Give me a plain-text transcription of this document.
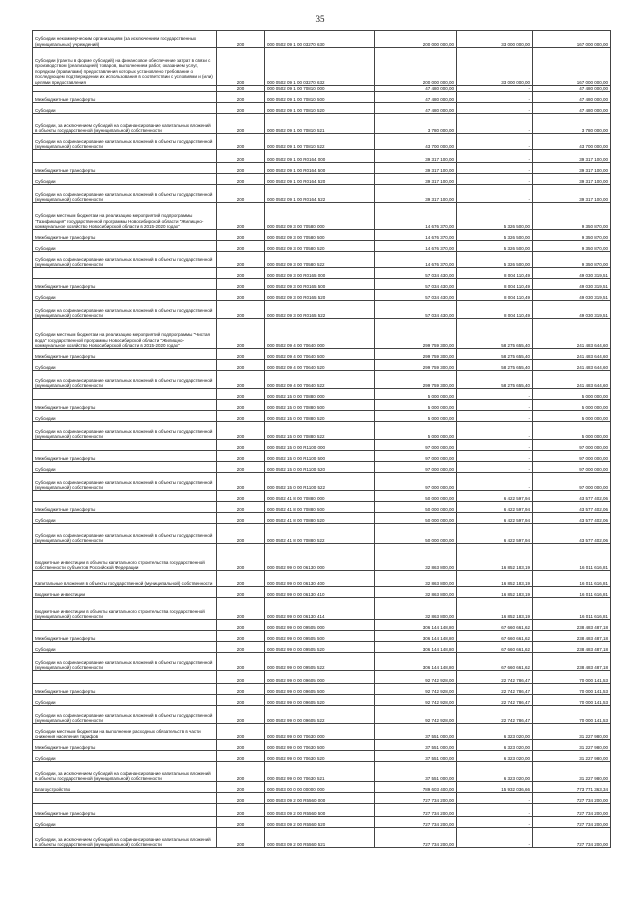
35
Субсидии некоммерческим организациям (за исключением государственных (муниципальных) учреждений)	200	000 0502 09 1 00 03270 630	200 000 000,00	33 000 000,00	167 000 000,00
Субсидии (гранты в форме субсидий) на финансовое обеспечение затрат в связи с производством (реализацией) товаров, выполнением работ, оказанием услуг, порядком (правилами) предоставления которых установлено требование о последующем подтверждении их использования в соответствии с условиями и (или) целями предоставления	200	000 0502 09 1 00 03270 632	200 000 000,00	33 000 000,00	167 000 000,00
	200	000 0502 09 1 00 70810 000	47 480 000,00	-	47 480 000,00
Межбюджетные трансферты	200	000 0502 09 1 00 70810 500	47 480 000,00	-	47 480 000,00
Субсидии	200	000 0502 09 1 00 70810 520	47 480 000,00	-	47 480 000,00
Субсидии, за исключением субсидий на софинансирование капитальных вложений в объекты государственной (муниципальной) собственности	200	000 0502 09 1 00 70810 521	3 780 000,00	-	3 780 000,00
Субсидии на софинансирование капитальных вложений в объекты государственной (муниципальной) собственности	200	000 0502 09 1 00 70810 522	43 700 000,00	-	43 700 000,00
	200	000 0502 09 1 00 R0164 000	39 317 100,00	-	39 317 100,00
Межбюджетные трансферты	200	000 0502 09 1 00 R0164 500	39 317 100,00	-	39 317 100,00
Субсидии	200	000 0502 09 1 00 R0164 520	39 317 100,00	-	39 317 100,00
Субсидии на софинансирование капитальных вложений в объекты государственной (муниципальной) собственности	200	000 0502 09 1 00 R0164 522	39 317 100,00	-	39 317 100,00
Субсидии местным бюджетам на реализацию мероприятий подпрограммы "Газификация" государственной программы Новосибирской области "Жилищно-коммунальное хозяйство Новосибирской области в 2015-2020 годах"	200	000 0502 09 3 00 70580 000	14 676 370,00	5 326 500,00	9 350 870,00
Межбюджетные трансферты	200	000 0502 09 3 00 70580 500	14 676 370,00	5 326 500,00	9 350 870,00
Субсидии	200	000 0502 09 3 00 70580 520	14 676 370,00	5 326 500,00	9 350 870,00
Субсидии на софинансирование капитальных вложений в объекты государственной (муниципальной) собственности	200	000 0502 09 3 00 70580 522	14 676 370,00	5 326 500,00	9 350 870,00
	200	000 0502 09 3 00 R0165 000	57 034 430,00	8 004 110,49	49 030 319,51
Межбюджетные трансферты	200	000 0502 09 3 00 R0165 500	57 034 430,00	8 004 110,49	49 030 319,51
Субсидии	200	000 0502 09 3 00 R0165 520	57 034 430,00	8 004 110,49	49 030 319,51
Субсидии на софинансирование капитальных вложений в объекты государственной (муниципальной) собственности	200	000 0502 09 3 00 R0165 522	57 034 430,00	8 004 110,49	49 030 319,51
Субсидии местным бюджетам на реализацию мероприятий подпрограммы "Чистая вода" государственной программы Новосибирской области "Жилищно-коммунальное хозяйство Новосибирской области в 2015-2020 годах"	200	000 0502 09 4 00 70640 000	299 759 300,00	58 275 655,40	241 483 644,60
Межбюджетные трансферты	200	000 0502 09 4 00 70640 500	299 759 300,00	58 275 655,40	241 483 644,60
Субсидии	200	000 0502 09 4 00 70640 520	299 759 300,00	58 275 655,40	241 483 644,60
Субсидии на софинансирование капитальных вложений в объекты государственной (муниципальной) собственности	200	000 0502 09 4 00 70640 522	299 759 300,00	58 275 655,40	241 483 644,60
	200	000 0502 15 0 00 70880 000	5 000 000,00	-	5 000 000,00
Межбюджетные трансферты	200	000 0502 15 0 00 70880 500	5 000 000,00	-	5 000 000,00
Субсидии	200	000 0502 15 0 00 70880 520	5 000 000,00	-	5 000 000,00
Субсидии на софинансирование капитальных вложений в объекты государственной (муниципальной) собственности	200	000 0502 15 0 00 70880 522	5 000 000,00	-	5 000 000,00
	200	000 0502 15 0 00 R1100 000	97 000 000,00	-	97 000 000,00
Межбюджетные трансферты	200	000 0502 15 0 00 R1100 500	97 000 000,00	-	97 000 000,00
Субсидии	200	000 0502 15 0 00 R1100 520	97 000 000,00	-	97 000 000,00
Субсидии на софинансирование капитальных вложений в объекты государственной (муниципальной) собственности	200	000 0502 15 0 00 R1100 522	97 000 000,00	-	97 000 000,00
	200	000 0502 41 8 00 70880 000	50 000 000,00	6 422 597,94	43 577 402,06
Межбюджетные трансферты	200	000 0502 41 8 00 70880 500	50 000 000,00	6 422 597,94	43 577 402,06
Субсидии	200	000 0502 41 8 00 70880 520	50 000 000,00	6 422 597,94	43 577 402,06
Субсидии на софинансирование капитальных вложений в объекты государственной (муниципальной) собственности	200	000 0502 41 8 00 70880 522	50 000 000,00	6 422 597,94	43 577 402,06
Бюджетные инвестиции в объекты капитального строительства государственной собственности субъектов Российской Федерации	200	000 0502 99 0 00 06130 000	32 863 800,00	16 852 183,19	16 011 616,81
Капитальные вложения в объекты государственной (муниципальной) собственности	200	000 0502 99 0 00 06130 400	32 863 800,00	16 852 183,19	16 011 616,81
Бюджетные инвестиции	200	000 0502 99 0 00 06130 410	32 863 800,00	16 852 183,19	16 011 616,81
Бюджетные инвестиции в объекты капитального строительства государственной (муниципальной) собственности	200	000 0502 99 0 00 06130 414	32 863 800,00	16 852 183,19	16 011 616,81
	200	000 0502 99 0 00 09505 000	306 144 148,80	67 660 661,62	238 483 487,18
Межбюджетные трансферты	200	000 0502 99 0 00 09505 500	306 144 148,80	67 660 661,62	238 483 487,18
Субсидии	200	000 0502 99 0 00 09505 520	306 144 148,80	67 660 661,62	238 483 487,18
Субсидии на софинансирование капитальных вложений в объекты государственной (муниципальной) собственности	200	000 0502 99 0 00 09505 522	306 144 148,80	67 660 661,62	238 483 487,18
	200	000 0502 99 0 00 09605 000	92 742 928,00	22 742 786,47	70 000 141,53
Межбюджетные трансферты	200	000 0502 99 0 00 09605 500	92 742 928,00	22 742 786,47	70 000 141,53
Субсидии	200	000 0502 99 0 00 09605 520	92 742 928,00	22 742 786,47	70 000 141,53
Субсидии на софинансирование капитальных вложений в объекты государственной (муниципальной) собственности	200	000 0502 99 0 00 09605 522	92 742 928,00	22 742 786,47	70 000 141,53
Субсидии местным бюджетам на выполнение расходных обязательств в части снижения населения тарифов	200	000 0502 99 0 00 70630 000	37 551 000,00	6 323 020,00	31 227 980,00
Межбюджетные трансферты	200	000 0502 99 0 00 70630 500	37 551 000,00	6 323 020,00	31 227 980,00
Субсидии	200	000 0502 99 0 00 70630 520	37 551 000,00	6 323 020,00	31 227 980,00
Субсидии, за исключением субсидий на софинансирование капитальных вложений в объекты государственной (муниципальной) собственности	200	000 0502 99 0 00 70630 521	37 551 000,00	6 323 020,00	31 227 980,00
Благоустройство	200	000 0503 00 0 00 00000 000	789 603 400,00	15 932 036,66	773 771 363,34
	200	000 0503 09 2 00 R5560 000	727 734 200,00	-	727 734 200,00
Межбюджетные трансферты	200	000 0503 09 2 00 R5560 500	727 734 200,00	-	727 734 200,00
Субсидии	200	000 0503 09 2 00 R5560 520	727 734 200,00	-	727 734 200,00
Субсидии, за исключением субсидий на софинансирование капитальных вложений в объекты государственной (муниципальной) собственности	200	000 0503 09 2 00 R5560 521	727 734 200,00	-	727 734 200,00
